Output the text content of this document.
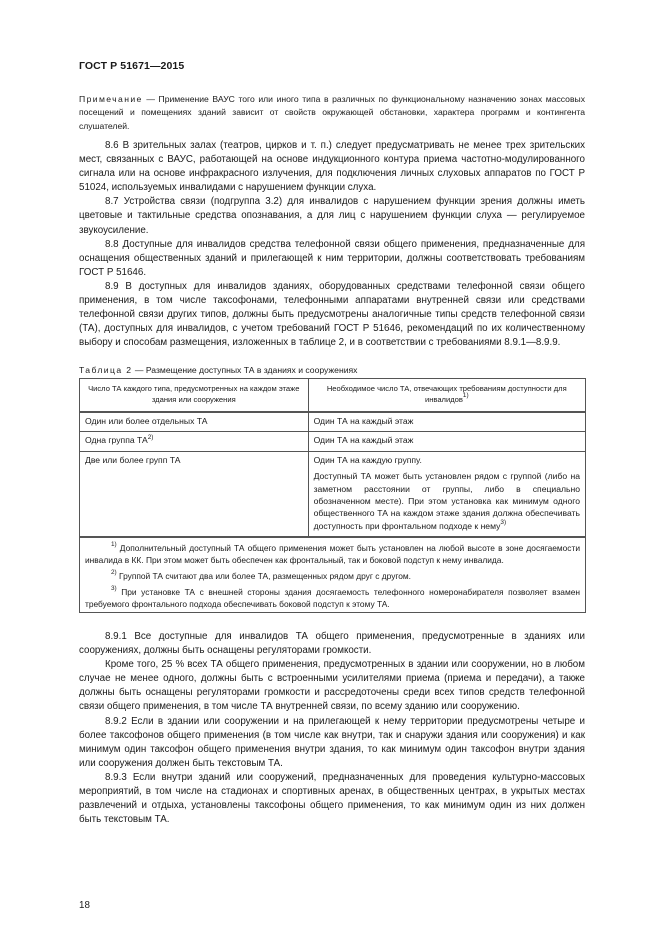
ГОСТ Р 51671—2015
Примечание — Применение ВАУС того или иного типа в различных по функциональному назначению зонах массовых посещений и помещениях зданий зависит от свойств окружающей обстановки, характера программ и контингента слушателей.

8.6 В зрительных залах (театров, цирков и т. п.) следует предусматривать не менее трех зрительских мест, связанных с ВАУС, работающей на основе индукционного контура приема частотно-модулированного сигнала или на основе инфракрасного излучения, для подключения личных слуховых аппаратов по ГОСТ Р 51024, используемых инвалидами с нарушением функции слуха.

8.7 Устройства связи (подгруппа 3.2) для инвалидов с нарушением функции зрения должны иметь цветовые и тактильные средства опознавания, а для лиц с нарушением функции слуха — регулируемое звукоусиление.

8.8 Доступные для инвалидов средства телефонной связи общего применения, предназначенные для оснащения общественных зданий и прилегающей к ним территории, должны соответствовать требованиям ГОСТ Р 51646.

8.9 В доступных для инвалидов зданиях, оборудованных средствами телефонной связи общего применения, в том числе таксофонами, телефонными аппаратами внутренней связи или средствами телефонной связи других типов, должны быть предусмотрены аналогичные типы средств телефонной связи (ТА), доступных для инвалидов, с учетом требований ГОСТ Р 51646, рекомендаций по их количественному выбору и способам размещения, изложенных в таблице 2, и в соответствии с требованиями 8.9.1—8.9.9.

Таблица 2 — Размещение доступных ТА в зданиях и сооружениях
Число ТА каждого типа, предусмотренных на каждом этаже здания или сооружения	Необходимое число ТА, отвечающих требованиям доступности для инвалидов$^{1)}$
Один или более отдельных ТА	Один ТА на каждый этаж
Одна группа ТА$^{2)}$	Один ТА на каждый этаж
Две или более групп ТА	Один ТА на каждую группу.

Доступный ТА может быть установлен рядом с группой (либо на заметном расстоянии от группы, либо в специально обозначенном месте). При этом установка как минимум одного общественного ТА на каждом этаже здания должна обеспечивать доступность при фронтальном подходе к нему$^{3)}$

$^{1)}$ Дополнительный доступный ТА общего применения может быть установлен на любой высоте в зоне досягаемости инвалида в КК. При этом может быть обеспечен как фронтальный, так и боковой подступ к нему инвалида.

$^{2)}$ Группой ТА считают два или более ТА, размещенных рядом друг с другом.

$^{3)}$ При установке ТА с внешней стороны здания досягаемость телефонного номеронабирателя позволяет взамен требуемого фронтального подхода обеспечивать боковой подступ к этому ТА.	

8.9.1 Все доступные для инвалидов ТА общего применения, предусмотренные в зданиях или сооружениях, должны быть оснащены регуляторами громкости.

Кроме того, 25 % всех ТА общего применения, предусмотренных в здании или сооружении, но в любом случае не менее одного, должны быть с встроенными усилителями приема (приема и передачи), а также должны быть оснащены регуляторами громкости и рассредоточены среди всех типов средств телефонной связи общего применения, в том числе ТА внутренней связи, по всему зданию или сооружению.

8.9.2 Если в здании или сооружении и на прилегающей к нему территории предусмотрены четыре и более таксофонов общего применения (в том числе как внутри, так и снаружи здания или сооружения) и как минимум один таксофон общего применения внутри здания, то как минимум один таксофон внутри здания или сооружения должен быть текстовым ТА.

8.9.3 Если внутри зданий или сооружений, предназначенных для проведения культурно-массовых мероприятий, в том числе на стадионах и спортивных аренах, в общественных центрах, в укрытых местах развлечений и отдыха, установлены таксофоны общего применения, то как минимум один из них должен быть текстовым ТА.

18
